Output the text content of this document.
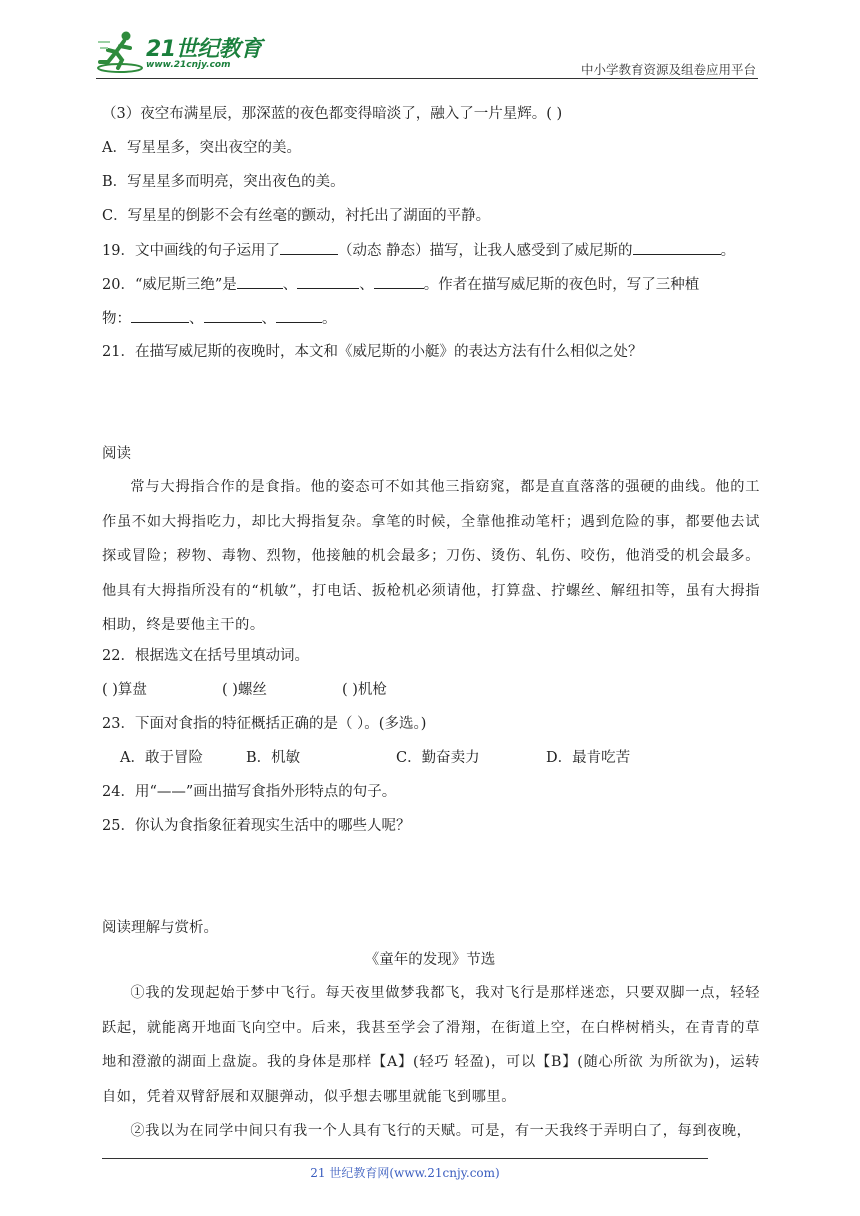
21世纪教育
www.21cnjy.com	中小学教育资源及组卷应用平台
（3）夜空布满星辰，那深蓝的夜色都变得暗淡了，融入了一片星辉。( )
A．写星星多，突出夜空的美。
B．写星星多而明亮，突出夜色的美。
C．写星星的倒影不会有丝毫的颤动，衬托出了湖面的平静。
19．文中画线的句子运用了	（动态 静态）描写，让我人感受到了威尼斯的	。
20．“威尼斯三绝”是	、	、	。作者在描写威尼斯的夜色时，写了三种植
物：	、	、	。
21．在描写威尼斯的夜晚时，本文和《威尼斯的小艇》的表达方法有什么相似之处？
阅读
常与大拇指合作的是食指。他的姿态可不如其他三指窈窕，都是直直落落的强硬的曲线。他的工作虽不如大拇指吃力，却比大拇指复杂。拿笔的时候，全靠他推动笔杆；遇到危险的事，都要他去试探或冒险；秽物、毒物、烈物，他接触的机会最多；刀伤、烫伤、轧伤、咬伤，他消受的机会最多。他具有大拇指所没有的“机敏”，打电话、扳枪机必须请他，打算盘、拧螺丝、解纽扣等，虽有大拇指相助，终是要他主干的。
22．根据选文在括号里填动词。
( )算盘	( )螺丝	( )机枪
23．下面对食指的特征概括正确的是（ ）。(多选。)
A．敢于冒险	B．机敏	C．勤奋卖力	D．最肯吃苦
24．用“——”画出描写食指外形特点的句子。
25．你认为食指象征着现实生活中的哪些人呢？
阅读理解与赏析。
《童年的发现》节选
①我的发现起始于梦中飞行。每天夜里做梦我都飞，我对飞行是那样迷恋，只要双脚一点，轻轻跃起，就能离开地面飞向空中。后来，我甚至学会了滑翔，在街道上空，在白桦树梢头，在青青的草地和澄澈的湖面上盘旋。我的身体是那样【A】(轻巧 轻盈)，可以【B】(随心所欲 为所欲为)，运转自如，凭着双臂舒展和双腿弹动，似乎想去哪里就能飞到哪里。
②我以为在同学中间只有我一个人具有飞行的天赋。可是，有一天我终于弄明白了，每到夜晚，
21 世纪教育网(www.21cnjy.com)
